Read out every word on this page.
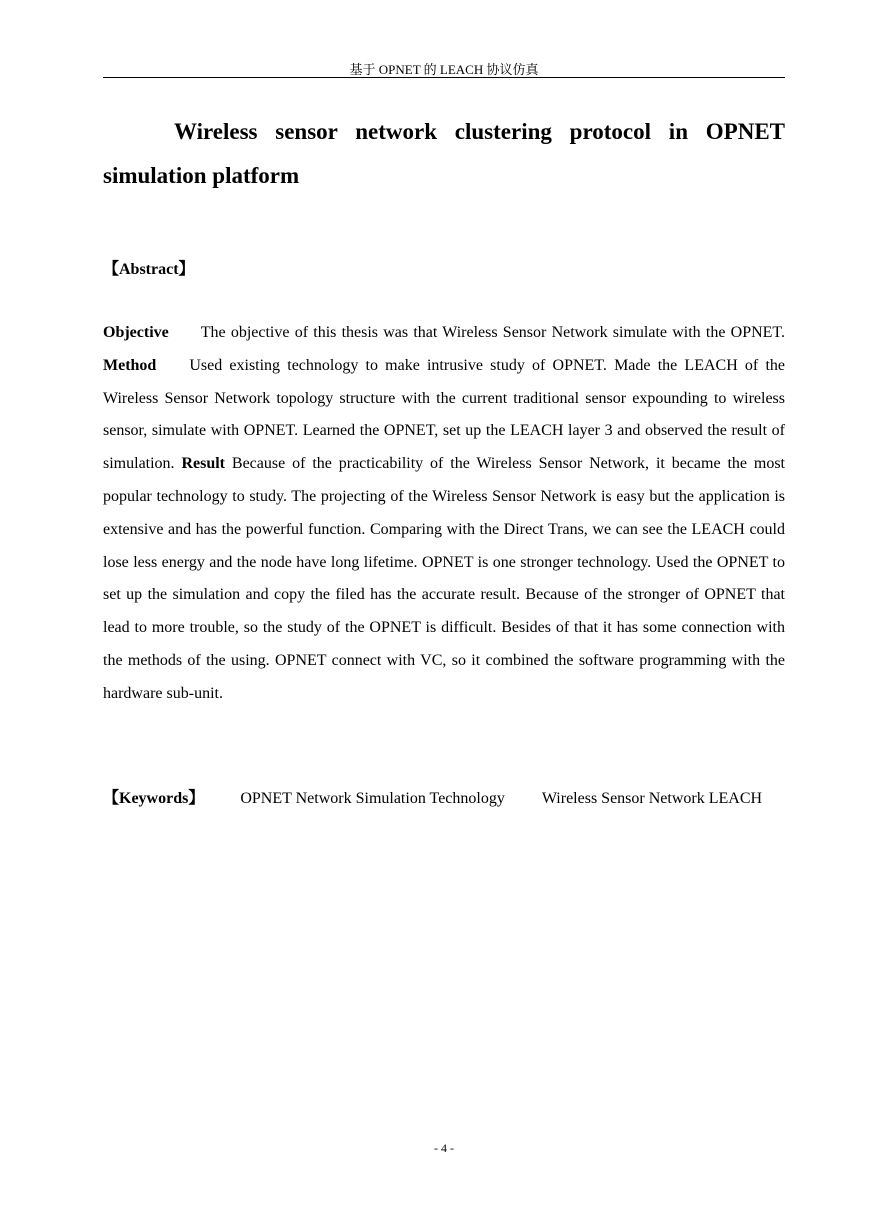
基于 OPNET 的 LEACH 协议仿真
Wireless sensor network clustering protocol in OPNET simulation platform

【Abstract】

Objective The objective of this thesis was that Wireless Sensor Network simulate with the OPNET. Method Used existing technology to make intrusive study of OPNET. Made the LEACH of the Wireless Sensor Network topology structure with the current traditional sensor expounding to wireless sensor, simulate with OPNET. Learned the OPNET, set up the LEACH layer 3 and observed the result of simulation. Result Because of the practicability of the Wireless Sensor Network, it became the most popular technology to study. The projecting of the Wireless Sensor Network is easy but the application is extensive and has the powerful function. Comparing with the Direct Trans, we can see the LEACH could lose less energy and the node have long lifetime. OPNET is one stronger technology. Used the OPNET to set up the simulation and copy the filed has the accurate result. Because of the stronger of OPNET that lead to more trouble, so the study of the OPNET is difficult. Besides of that it has some connection with the methods of the using. OPNET connect with VC, so it combined the software programming with the hardware sub-unit.

【Keywords】 OPNET Network Simulation Technology Wireless Sensor Network LEACH

- 4 -
